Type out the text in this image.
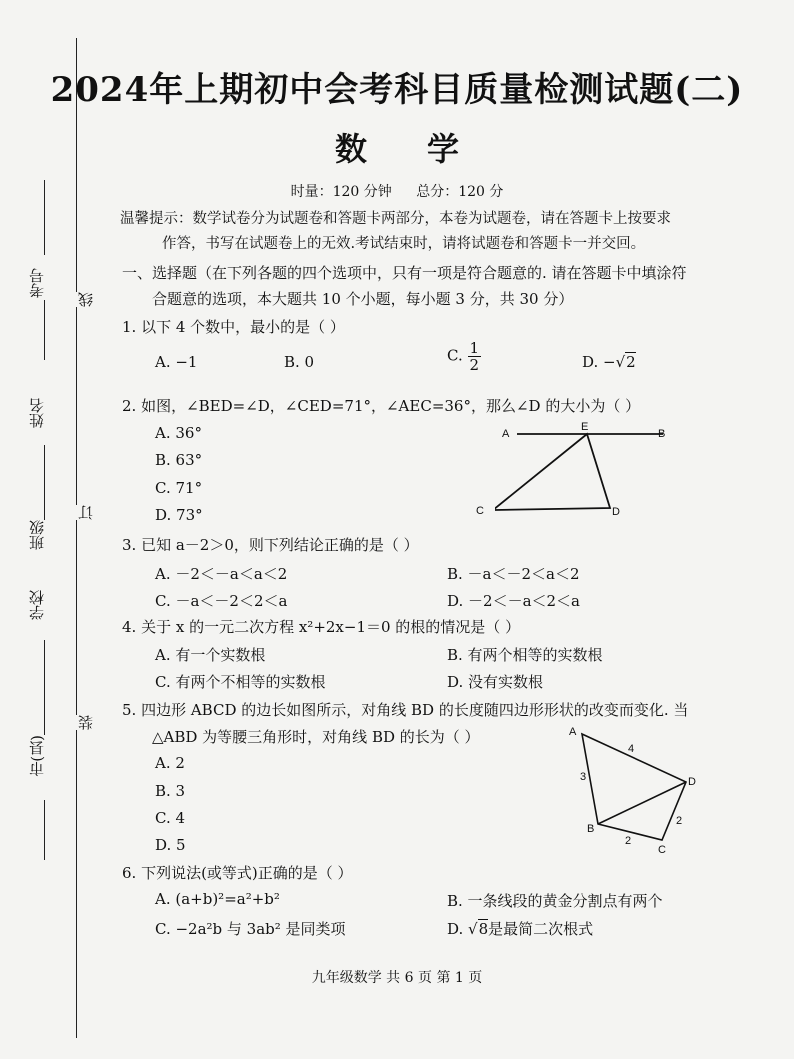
考号
姓名
班级
学校
市(县)
线
订
装
2024年上期初中会考科目质量检测试题(二)
数学
时量：120 分钟 总分：120 分
温馨提示：数学试卷分为试题卷和答题卡两部分，本卷为试题卷，请在答题卡上按要求
作答，书写在试题卷上的无效.考试结束时，请将试题卷和答题卡一并交回。
一、选择题（在下列各题的四个选项中，只有一项是符合题意的. 请在答题卡中填涂符
合题意的选项，本大题共 10 个小题，每小题 3 分，共 30 分）
1. 以下 4 个数中，最小的是（ ）
A. −1	B. 0	C. $\frac{1}{2}$	D. −√2
2. 如图，∠BED=∠D，∠CED=71°，∠AEC=36°，那么∠D 的大小为（ ）
A. 36°
B. 63°
C. 71°
D. 73°
A
E
B
D
C
3. 已知 a－2＞0，则下列结论正确的是（ ）
A. －2＜－a＜a＜2	B. －a＜－2＜a＜2
C. －a＜－2＜2＜a	D. －2＜－a＜2＜a
4. 关于 x 的一元二次方程 x²+2x−1＝0 的根的情况是（ ）
A. 有一个实数根	B. 有两个相等的实数根
C. 有两个不相等的实数根	D. 没有实数根
5. 四边形 ABCD 的边长如图所示，对角线 BD 的长度随四边形形状的改变而变化. 当
△ABD 为等腰三角形时，对角线 BD 的长为（ ）
A. 2
B. 3
C. 4
D. 5
A
D
B
C
4
3
2
2
6. 下列说法(或等式)正确的是（ ）
A. (a+b)²=a²+b²	B. 一条线段的黄金分割点有两个
C. −2a²b 与 3ab² 是同类项	D. √8是最简二次根式
九年级数学 共 6 页 第 1 页
